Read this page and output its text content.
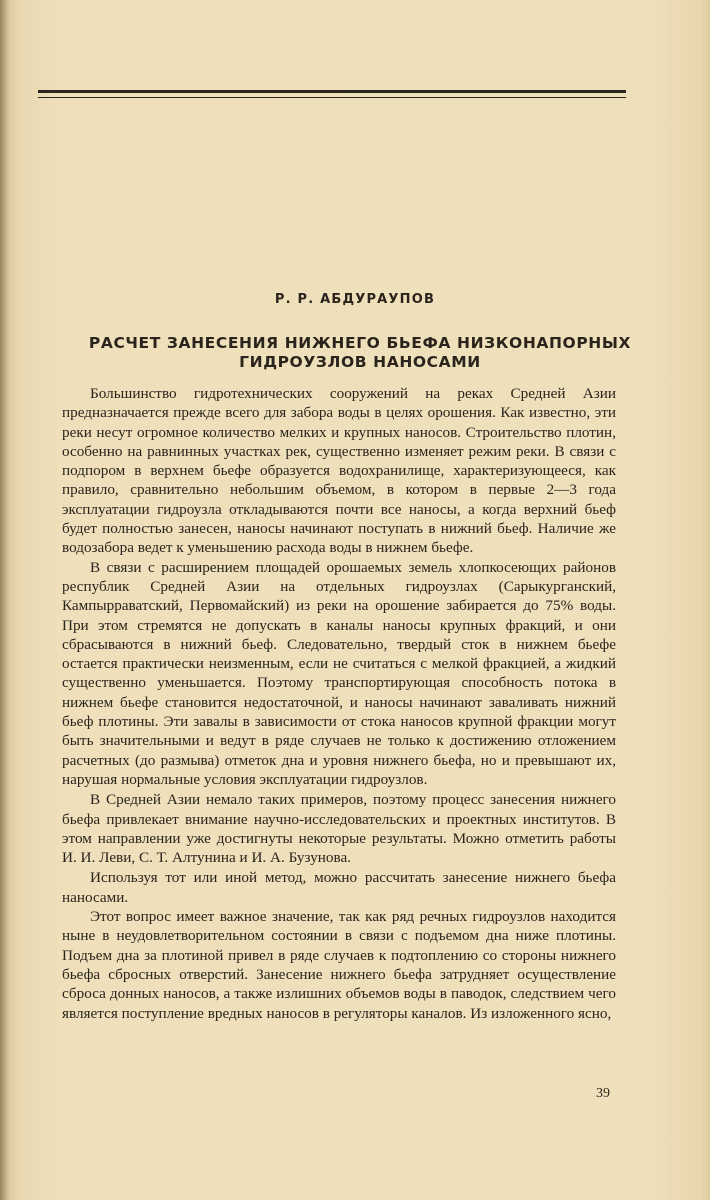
Р. Р. АБДУРАУПОВ
РАСЧЕТ ЗАНЕСЕНИЯ НИЖНЕГО БЬЕФА НИЗКОНАПОРНЫХ
ГИДРОУЗЛОВ НАНОСАМИ

Большинство гидротехнических сооружений на реках Средней Азии предназначается прежде всего для забора воды в целях орошения. Как известно, эти реки несут огромное количество мелких и крупных наносов. Строительство плотин, особенно на равнинных участках рек, существенно изменяет режим реки. В связи с подпором в верхнем бьефе образуется водохранилище, характеризующееся, как правило, сравнительно небольшим объемом, в котором в первые 2—3 года эксплуатации гидроузла откладываются почти все наносы, а когда верхний бьеф будет полностью занесен, наносы начинают поступать в нижний бьеф. Наличие же водозабора ведет к уменьшению расхода воды в нижнем бьефе.

В связи с расширением площадей орошаемых земель хлопкосеющих районов республик Средней Азии на отдельных гидроузлах (Сарыкурганский, Кампырраватский, Первомайский) из реки на орошение забирается до 75% воды. При этом стремятся не допускать в каналы наносы крупных фракций, и они сбрасываются в нижний бьеф. Следовательно, твердый сток в нижнем бьефе остается практически неизменным, если не считаться с мелкой фракцией, а жидкий существенно уменьшается. Поэтому транспортирующая способность потока в нижнем бьефе становится недостаточной, и наносы начинают заваливать нижний бьеф плотины. Эти завалы в зависимости от стока наносов крупной фракции могут быть значительными и ведут в ряде случаев не только к достижению отложением расчетных (до размыва) отметок дна и уровня нижнего бьефа, но и превышают их, нарушая нормальные условия эксплуатации гидроузлов.

В Средней Азии немало таких примеров, поэтому процесс занесения нижнего бьефа привлекает внимание научно-исследовательских и проектных институтов. В этом направлении уже достигнуты некоторые результаты. Можно отметить работы И. И. Леви, С. Т. Алтунина и И. А. Бузунова.

Используя тот или иной метод, можно рассчитать занесение нижнего бьефа наносами.

Этот вопрос имеет важное значение, так как ряд речных гидроузлов находится ныне в неудовлетворительном состоянии в связи с подъемом дна ниже плотины. Подъем дна за плотиной привел в ряде случаев к подтоплению со стороны нижнего бьефа сбросных отверстий. Занесение нижнего бьефа затрудняет осуществление сброса донных наносов, а также излишних объемов воды в паводок, следствием чего является поступление вредных наносов в регуляторы каналов. Из изложенного ясно,

39
